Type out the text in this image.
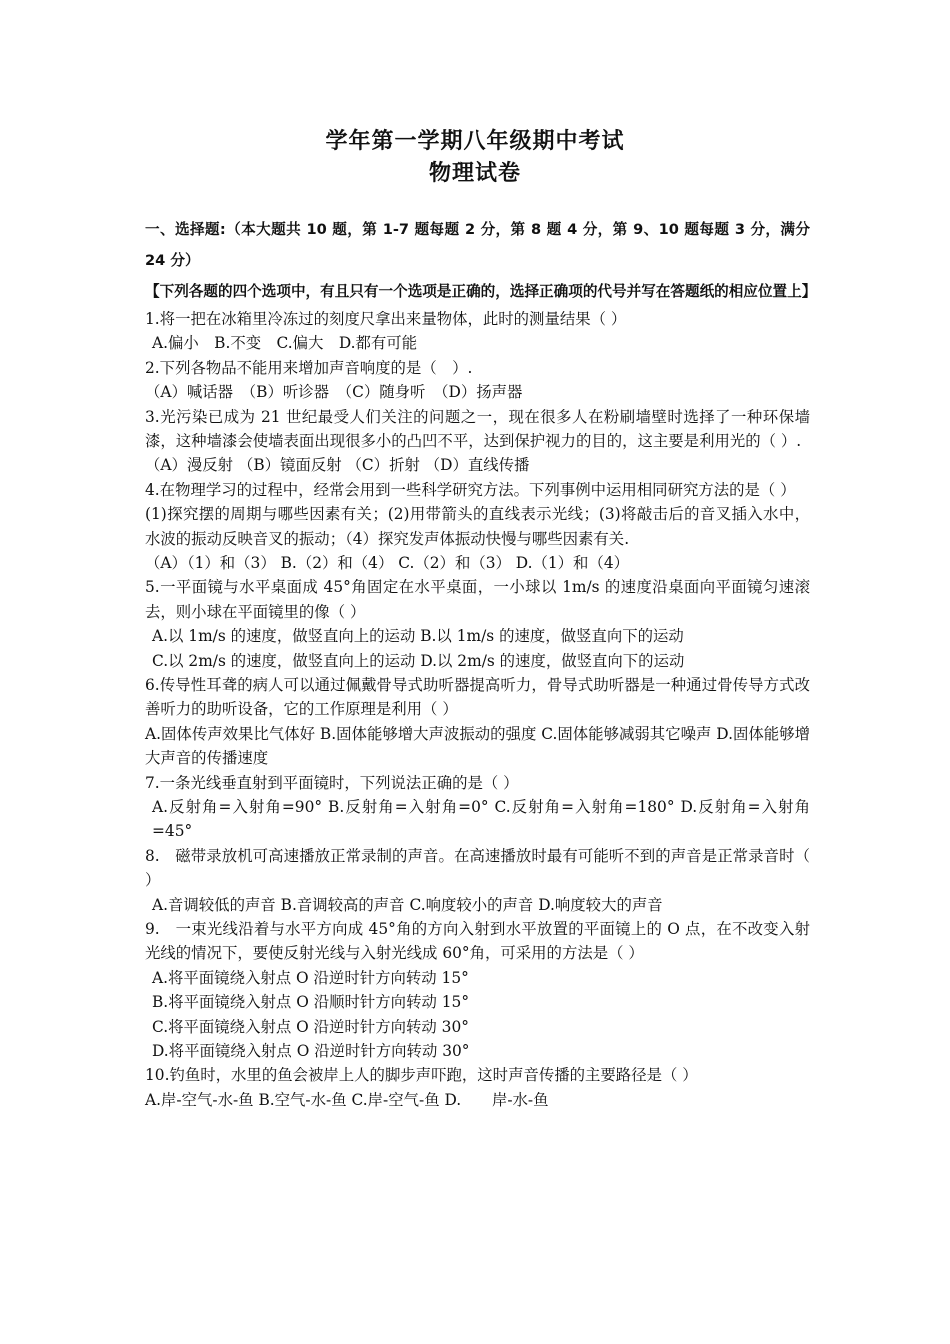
学年第一学期八年级期中考试
物理试卷
一、选择题:（本大题共 10 题，第 1-7 题每题 2 分，第 8 题 4 分，第 9、10 题每题 3 分，满分 24 分）
【下列各题的四个选项中，有且只有一个选项是正确的，选择正确项的代号并写在答题纸的相应位置上】
1.将一把在冰箱里冷冻过的刻度尺拿出来量物体，此时的测量结果（ ）
A.偏小　B.不变　C.偏大　D.都有可能
2.下列各物品不能用来增加声音响度的是（　）.
（A）喊话器　（B）听诊器　（C）随身听　（D）扬声器
3.光污染已成为 21 世纪最受人们关注的问题之一，现在很多人在粉刷墙壁时选择了一种环保墙漆，这种墙漆会使墙表面出现很多小的凸凹不平，达到保护视力的目的，这主要是利用光的（ ）.
（A）漫反射 （B）镜面反射 （C）折射 （D）直线传播
4.在物理学习的过程中，经常会用到一些科学研究方法。下列事例中运用相同研究方法的是（ ）
(1)探究摆的周期与哪些因素有关；(2)用带箭头的直线表示光线；(3)将敲击后的音叉插入水中，水波的振动反映音叉的振动；（4）探究发声体振动快慢与哪些因素有关.
（A）（1）和（3） B.（2）和（4） C.（2）和（3） D.（1）和（4）
5.一平面镜与水平桌面成 45°角固定在水平桌面，一小球以 1m/s 的速度沿桌面向平面镜匀速滚去，则小球在平面镜里的像（ ）
A.以 1m/s 的速度，做竖直向上的运动 B.以 1m/s 的速度，做竖直向下的运动
C.以 2m/s 的速度，做竖直向上的运动 D.以 2m/s 的速度，做竖直向下的运动
6.传导性耳聋的病人可以通过佩戴骨导式助听器提高听力，骨导式助听器是一种通过骨传导方式改善听力的助听设备，它的工作原理是利用（ ）
A.固体传声效果比气体好 B.固体能够增大声波振动的强度 C.固体能够减弱其它噪声 D.固体能够增大声音的传播速度
7.一条光线垂直射到平面镜时，下列说法正确的是（ ）
A.反射角=入射角=90° B.反射角=入射角=0° C.反射角=入射角=180° D.反射角=入射角=45°
8.　磁带录放机可高速播放正常录制的声音。在高速播放时最有可能听不到的声音是正常录音时（ ）
A.音调较低的声音 B.音调较高的声音 C.响度较小的声音 D.响度较大的声音
9.　一束光线沿着与水平方向成 45°角的方向入射到水平放置的平面镜上的 O 点，在不改变入射光线的情况下，要使反射光线与入射光线成 60°角，可采用的方法是（ ）
A.将平面镜绕入射点 O 沿逆时针方向转动 15°
B.将平面镜绕入射点 O 沿顺时针方向转动 15°
C.将平面镜绕入射点 O 沿逆时针方向转动 30°
D.将平面镜绕入射点 O 沿逆时针方向转动 30°
10.钓鱼时，水里的鱼会被岸上人的脚步声吓跑，这时声音传播的主要路径是（ ）
A.岸-空气-水-鱼 B.空气-水-鱼 C.岸-空气-鱼 D.　　岸-水-鱼
